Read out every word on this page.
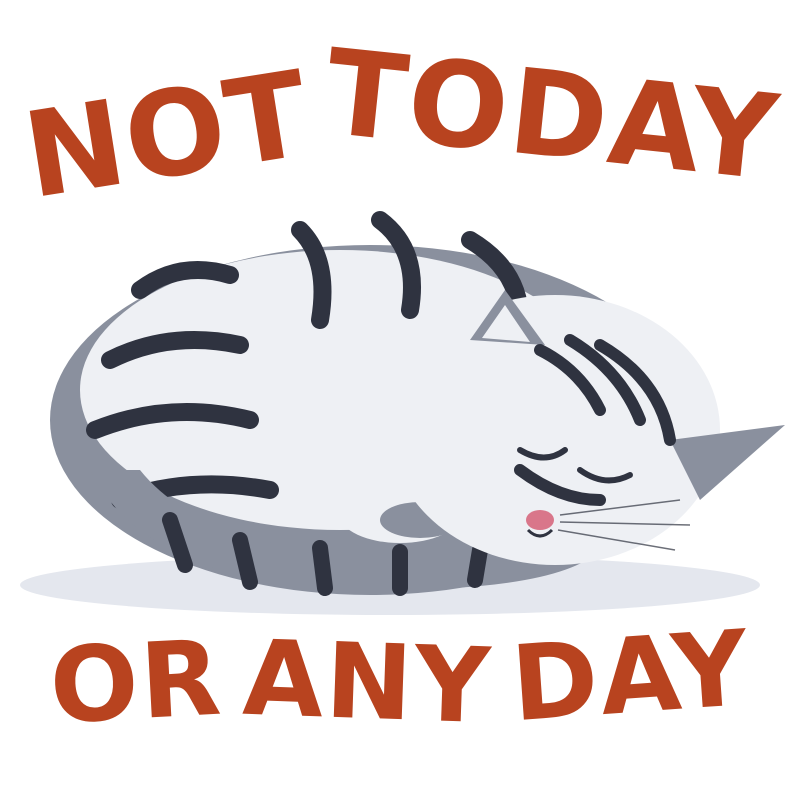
NOTTODAY
OR ANY DAY
